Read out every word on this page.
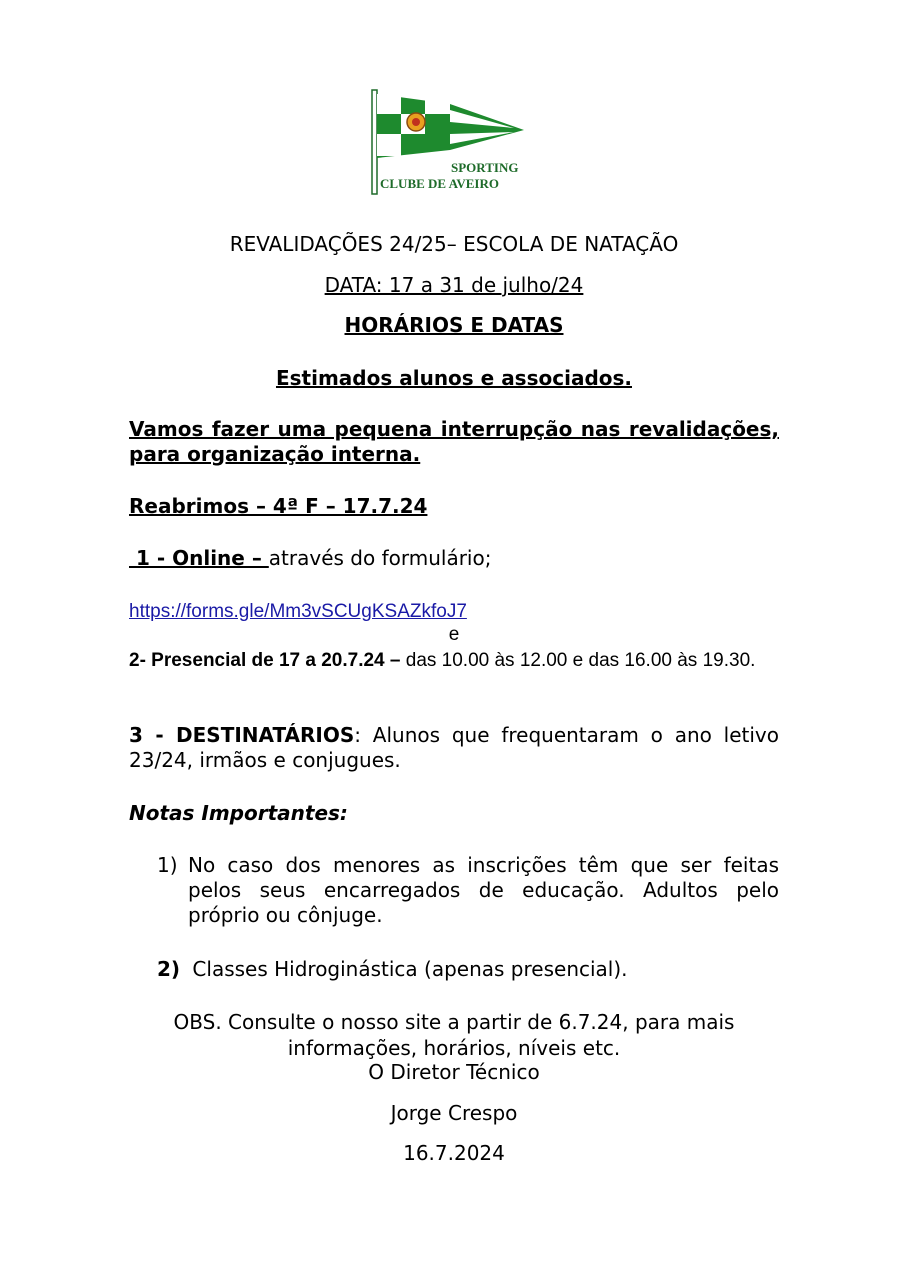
SPORTING
CLUBE DE AVEIRO
REVALIDAÇÕES 24/25– ESCOLA DE NATAÇÃO
DATA: 17 a 31 de julho/24
HORÁRIOS E DATAS
Estimados alunos e associados.
Vamos fazer uma pequena interrupção nas revalidações, para organização interna.
Reabrimos – 4ª F – 17.7.24
1 - Online – através do formulário;
https://forms.gle/Mm3vSCUgKSAZkfoJ7
e
2- Presencial de 17 a 20.7.24 – das 10.00 às 12.00 e das 16.00 às 19.30.
3 - DESTINATÁRIOS: Alunos que frequentaram o ano letivo 23/24, irmãos e conjugues.
Notas Importantes:
1) No caso dos menores as inscrições têm que ser feitas pelos seus encarregados de educação. Adultos pelo próprio ou cônjuge.
2) Classes Hidroginástica (apenas presencial).
OBS. Consulte o nosso site a partir de 6.7.24, para mais informações, horários, níveis etc.
O Diretor Técnico
Jorge Crespo
16.7.2024
